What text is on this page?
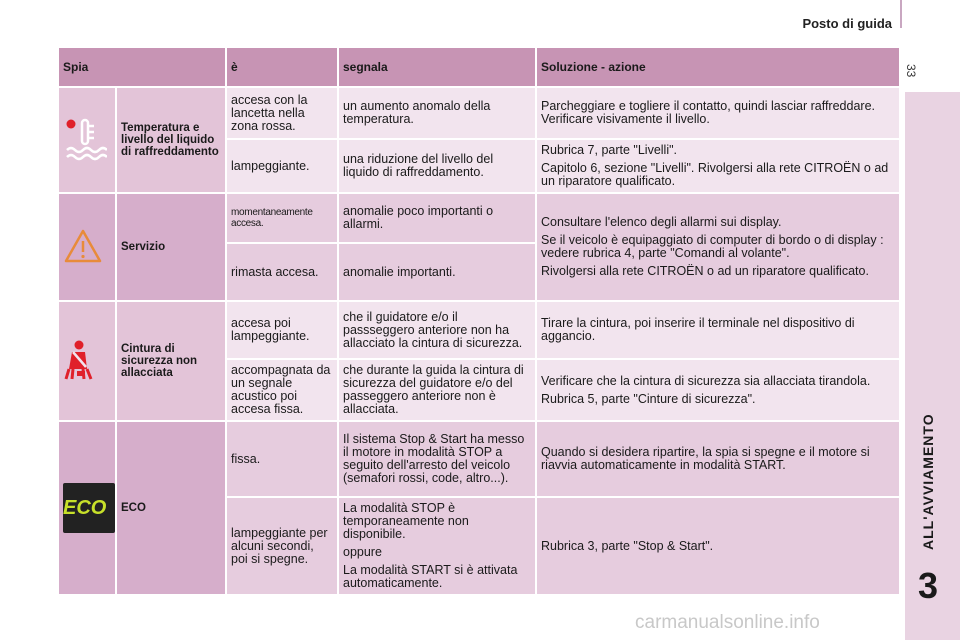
Posto di guida
33
ALL'AVVIAMENTO
3
Spia		è	segnala	Soluzione - azione
	Temperatura e livello del liquido di raffreddamento	accesa con la lancetta nella zona rossa.	un aumento anomalo della temperatura.	Parcheggiare e togliere il contatto, quindi lasciar raffreddare. Verificare visivamente il livello.

		lampeggiante.	una riduzione del livello del liquido di raffreddamento.	Rubrica 7, parte "Livelli".

Capitolo 6, sezione "Livelli". Rivolgersi alla rete CITROËN o ad un riparatore qualificato.

	Servizio	momentaneamente accesa.	anomalie poco importanti o allarmi.	Consultare l'elenco degli allarmi sui display.

Se il veicolo è equipaggiato di computer di bordo o di display : vedere rubrica 4, parte "Comandi al volante".

Rivolgersi alla rete CITROËN o ad un riparatore qualificato.

		rimasta accesa.	anomalie importanti.	
	Cintura di sicurezza non allacciata	accesa poi lampeggiante.	che il guidatore e/o il passseggero anteriore non ha allacciato la cintura di sicurezza.	Tirare la cintura, poi inserire il terminale nel dispositivo di aggancio.

		accompagnata da un segnale acustico poi accesa fissa.	che durante la guida la cintura di sicurezza del guidatore e/o del passeggero anteriore non è allacciata.	Verificare che la cintura di sicurezza sia allacciata tirandola.

Rubrica 5, parte "Cinture di sicurezza".

ECO	ECO	fissa.	Il sistema Stop & Start ha messo il motore in modalità STOP a seguito dell'arresto del veicolo (semafori rossi, code, altro...).	Quando si desidera ripartire, la spia si spegne e il motore si riavvia automaticamente in modalità START.

		lampeggiante per alcuni secondi, poi si spegne.	La modalità STOP è temporaneamente non disponibile.

oppure

La modalità START si è attivata automaticamente.	Rubrica 3, parte "Stop & Start".

carmanualsonline.info
